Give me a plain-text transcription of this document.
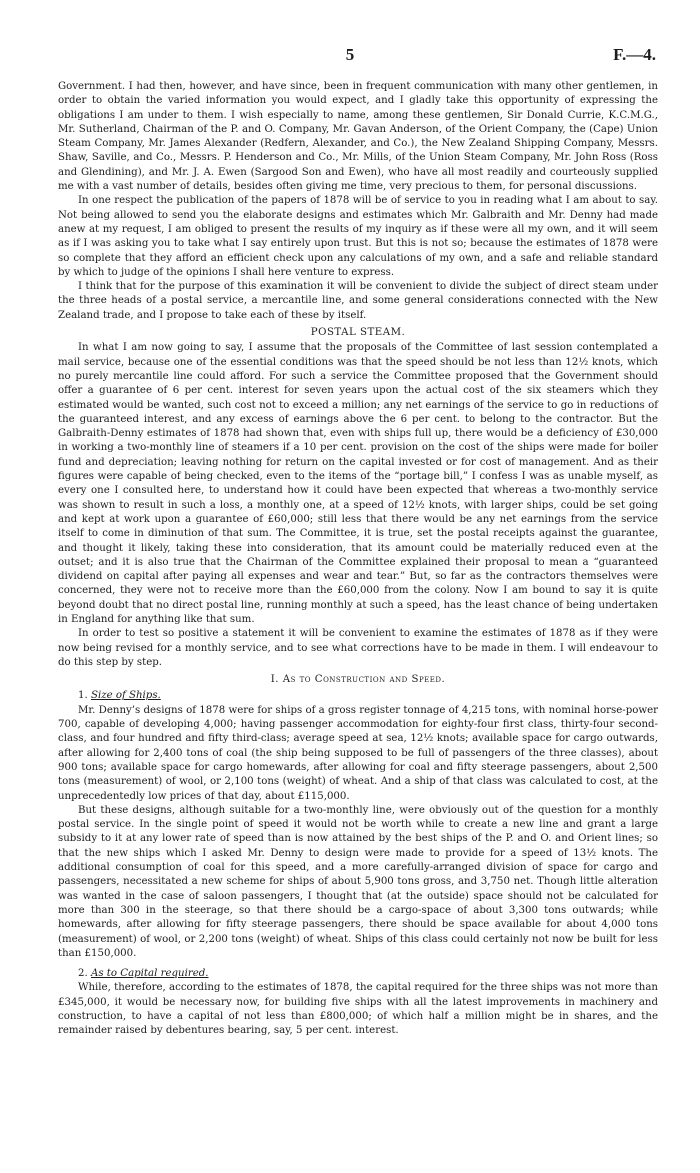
5	F.—4.

Government. I had then, however, and have since, been in frequent communication with many other gentlemen, in order to obtain the varied information you would expect, and I gladly take this opportunity of expressing the obligations I am under to them. I wish especially to name, among these gentlemen, Sir Donald Currie, K.C.M.G., Mr. Sutherland, Chairman of the P. and O. Company, Mr. Gavan Anderson, of the Orient Company, the (Cape) Union Steam Company, Mr. James Alexander (Redfern, Alexander, and Co.), the New Zealand Shipping Company, Messrs. Shaw, Saville, and Co., Messrs. P. Henderson and Co., Mr. Mills, of the Union Steam Company, Mr. John Ross (Ross and Glendining), and Mr. J. A. Ewen (Sargood Son and Ewen), who have all most readily and courteously supplied me with a vast number of details, besides often giving me time, very precious to them, for personal discussions.

In one respect the publication of the papers of 1878 will be of service to you in reading what I am about to say. Not being allowed to send you the elaborate designs and estimates which Mr. Galbraith and Mr. Denny had made anew at my request, I am obliged to present the results of my inquiry as if these were all my own, and it will seem as if I was asking you to take what I say entirely upon trust. But this is not so; because the estimates of 1878 were so complete that they afford an efficient check upon any calculations of my own, and a safe and reliable standard by which to judge of the opinions I shall here venture to express.

I think that for the purpose of this examination it will be convenient to divide the subject of direct steam under the three heads of a postal service, a mercantile line, and some general considerations connected with the New Zealand trade, and I propose to take each of these by itself.

POSTAL STEAM.

In what I am now going to say, I assume that the proposals of the Committee of last session contemplated a mail service, because one of the essential conditions was that the speed should be not less than 12½ knots, which no purely mercantile line could afford. For such a service the Committee proposed that the Government should offer a guarantee of 6 per cent. interest for seven years upon the actual cost of the six steamers which they estimated would be wanted, such cost not to exceed a million; any net earnings of the service to go in reductions of the guaranteed interest, and any excess of earnings above the 6 per cent. to belong to the contractor. But the Galbraith-Denny estimates of 1878 had shown that, even with ships full up, there would be a deficiency of £30,000 in working a two-monthly line of steamers if a 10 per cent. provision on the cost of the ships were made for boiler fund and depreciation; leaving nothing for return on the capital invested or for cost of management. And as their figures were capable of being checked, even to the items of the “portage bill,” I confess I was as unable myself, as every one I consulted here, to understand how it could have been expected that whereas a two-monthly service was shown to result in such a loss, a monthly one, at a speed of 12½ knots, with larger ships, could be set going and kept at work upon a guarantee of £60,000; still less that there would be any net earnings from the service itself to come in diminution of that sum. The Committee, it is true, set the postal receipts against the guarantee, and thought it likely, taking these into consideration, that its amount could be materially reduced even at the outset; and it is also true that the Chairman of the Committee explained their proposal to mean a “guaranteed dividend on capital after paying all expenses and wear and tear.” But, so far as the contractors themselves were concerned, they were not to receive more than the £60,000 from the colony. Now I am bound to say it is quite beyond doubt that no direct postal line, running monthly at such a speed, has the least chance of being undertaken in England for anything like that sum.

In order to test so positive a statement it will be convenient to examine the estimates of 1878 as if they were now being revised for a monthly service, and to see what corrections have to be made in them. I will endeavour to do this step by step.

I. As to Construction and Speed.
1. Size of Ships.

Mr. Denny’s designs of 1878 were for ships of a gross register tonnage of 4,215 tons, with nominal horse-power 700, capable of developing 4,000; having passenger accommodation for eighty-four first class, thirty-four second-class, and four hundred and fifty third-class; average speed at sea, 12½ knots; available space for cargo outwards, after allowing for 2,400 tons of coal (the ship being supposed to be full of passengers of the three classes), about 900 tons; available space for cargo homewards, after allowing for coal and fifty steerage passengers, about 2,500 tons (measurement) of wool, or 2,100 tons (weight) of wheat. And a ship of that class was calculated to cost, at the unprecedentedly low prices of that day, about £115,000.

But these designs, although suitable for a two-monthly line, were obviously out of the question for a monthly postal service. In the single point of speed it would not be worth while to create a new line and grant a large subsidy to it at any lower rate of speed than is now attained by the best ships of the P. and O. and Orient lines; so that the new ships which I asked Mr. Denny to design were made to provide for a speed of 13½ knots. The additional consumption of coal for this speed, and a more carefully-arranged division of space for cargo and passengers, necessitated a new scheme for ships of about 5,900 tons gross, and 3,750 net. Though little alteration was wanted in the case of saloon passengers, I thought that (at the outside) space should not be calculated for more than 300 in the steerage, so that there should be a cargo-space of about 3,300 tons outwards; while homewards, after allowing for fifty steerage passengers, there should be space available for about 4,000 tons (measurement) of wool, or 2,200 tons (weight) of wheat. Ships of this class could certainly not now be built for less than £150,000.

2. As to Capital required.

While, therefore, according to the estimates of 1878, the capital required for the three ships was not more than £345,000, it would be necessary now, for building five ships with all the latest improvements in machinery and construction, to have a capital of not less than £800,000; of which half a million might be in shares, and the remainder raised by debentures bearing, say, 5 per cent. interest.
